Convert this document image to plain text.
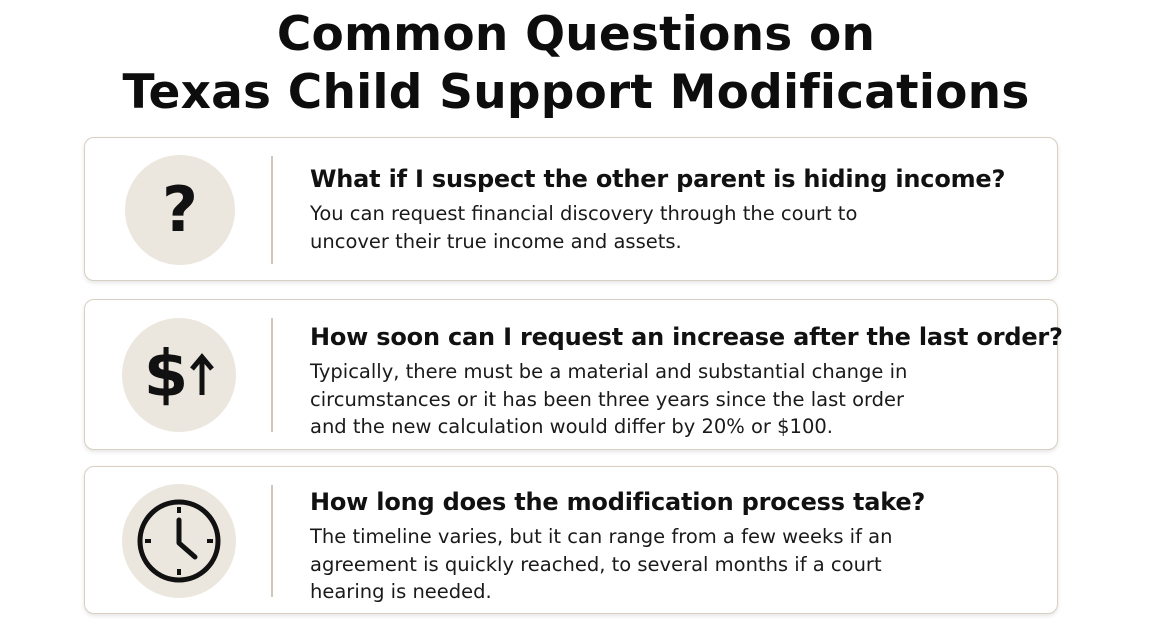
Common Questions on
Texas Child Support Modifications
?	What if I suspect the other parent is hiding income?
You can request financial discovery through the court to uncover their true income and assets.
$
How soon can I request an increase after the last order?
Typically, there must be a material and substantial change in circumstances or it has been three years since the last order and the new calculation would differ by 20% or $100.
How long does the modification process take?
The timeline varies, but it can range from a few weeks if an agreement is quickly reached, to several months if a court hearing is needed.
